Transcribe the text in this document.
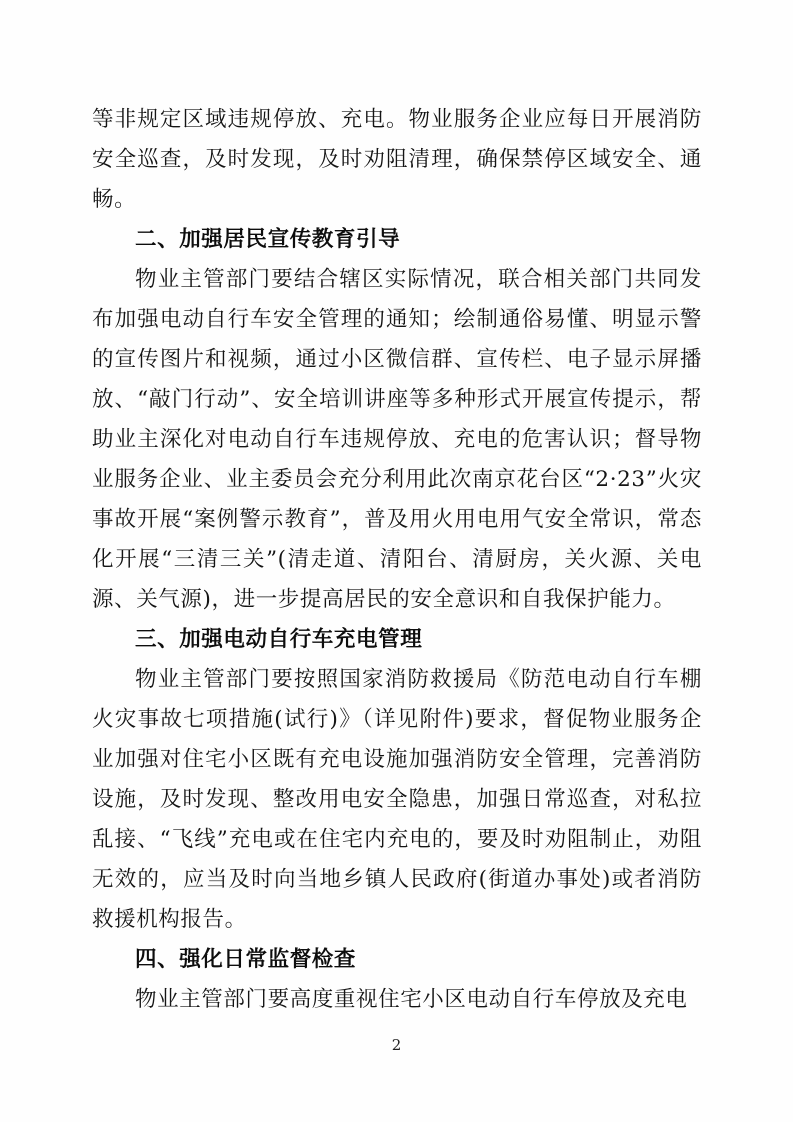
等非规定区域违规停放、充电。物业服务企业应每日开展消防安全巡查，及时发现，及时劝阻清理，确保禁停区域安全、通畅。

二、加强居民宣传教育引导

物业主管部门要结合辖区实际情况，联合相关部门共同发布加强电动自行车安全管理的通知；绘制通俗易懂、明显示警的宣传图片和视频，通过小区微信群、宣传栏、电子显示屏播放、“敲门行动”、安全培训讲座等多种形式开展宣传提示，帮助业主深化对电动自行车违规停放、充电的危害认识；督导物业服务企业、业主委员会充分利用此次南京花台区“2·23”火灾事故开展“案例警示教育”，普及用火用电用气安全常识，常态化开展“三清三关”(清走道、清阳台、清厨房，关火源、关电源、关气源)，进一步提高居民的安全意识和自我保护能力。

三、加强电动自行车充电管理

物业主管部门要按照国家消防救援局《防范电动自行车棚火灾事故七项措施(试行)》（详见附件)要求，督促物业服务企业加强对住宅小区既有充电设施加强消防安全管理，完善消防设施，及时发现、整改用电安全隐患，加强日常巡查，对私拉乱接、“飞线”充电或在住宅内充电的，要及时劝阻制止，劝阻无效的，应当及时向当地乡镇人民政府(街道办事处)或者消防救援机构报告。

四、强化日常监督检查

物业主管部门要高度重视住宅小区电动自行车停放及充电

2
